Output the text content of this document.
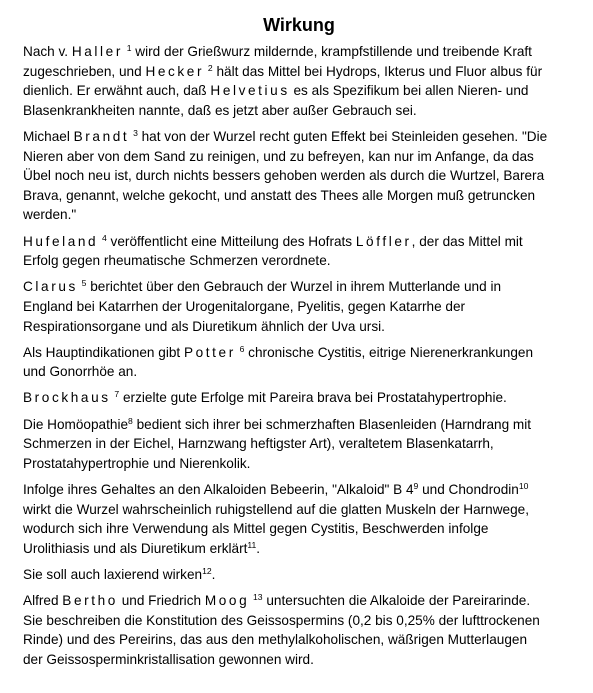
Wirkung
Nach v. Haller $^1$ wird der Grießwurz mildernde, krampfstillende und treibende Kraft
zugeschrieben, und Hecker $^2$ hält das Mittel bei Hydrops, Ikterus und Fluor albus für
dienlich. Er erwähnt auch, daß Helvetius es als Spezifikum bei allen Nieren- und
Blasenkrankheiten nannte, daß es jetzt aber außer Gebrauch sei.
Michael Brandt $^3$ hat von der Wurzel recht guten Effekt bei Steinleiden gesehen. "Die
Nieren aber von dem Sand zu reinigen, und zu befreyen, kan nur im Anfange, da das
Übel noch neu ist, durch nichts bessers gehoben werden als durch die Wurtzel, Barera
Brava, genannt, welche gekocht, und anstatt des Thees alle Morgen muß getruncken
werden."
Hufeland $^4$ veröffentlicht eine Mitteilung des Hofrats Löffler, der das Mittel mit
Erfolg gegen rheumatische Schmerzen verordnete.
Clarus $^5$ berichtet über den Gebrauch der Wurzel in ihrem Mutterlande und in
England bei Katarrhen der Urogenitalorgane, Pyelitis, gegen Katarrhe der
Respirationsorgane und als Diuretikum ähnlich der Uva ursi.
Als Hauptindikationen gibt Potter $^6$ chronische Cystitis, eitrige Nierenerkrankungen
und Gonorrhöe an.
Brockhaus $^7$ erzielte gute Erfolge mit Pareira brava bei Prostatahypertrophie.
Die Homöopathie$^8$ bedient sich ihrer bei schmerzhaften Blasenleiden (Harndrang mit
Schmerzen in der Eichel, Harnzwang heftigster Art), veraltetem Blasenkatarrh,
Prostatahypertrophie und Nierenkolik.
Infolge ihres Gehaltes an den Alkaloiden Bebeerin, "Alkaloid" B $4^9$ und Chondrodin$^{10}$
wirkt die Wurzel wahrscheinlich ruhigstellend auf die glatten Muskeln der Harnwege,
wodurch sich ihre Verwendung als Mittel gegen Cystitis, Beschwerden infolge
Urolithiasis und als Diuretikum erklärt$^{11}$.
Sie soll auch laxierend wirken$^{12}$.
Alfred Bertho und Friedrich Moog $^{13}$ untersuchten die Alkaloide der Pareirarinde.
Sie beschreiben die Konstitution des Geissospermins (0,2 bis 0,25% der lufttrockenen
Rinde) und des Pereirins, das aus den methylalkoholischen, wäßrigen Mutterlaugen
der Geissosperminkristallisation gewonnen wird.
